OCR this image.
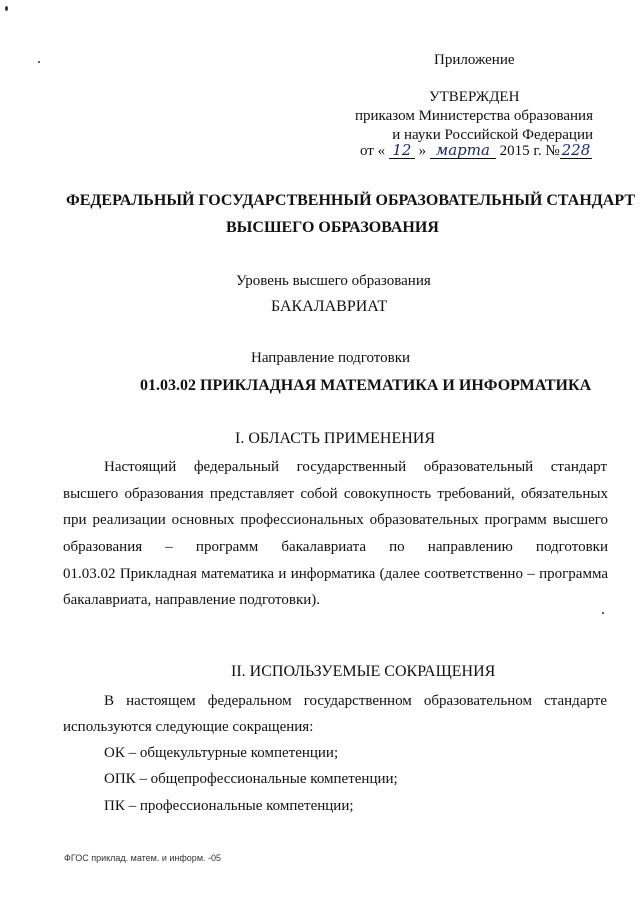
Приложение
УТВЕРЖДЕН
приказом Министерства образования
и науки Российской Федерации
от « 12 » марта 2015 г. № 228
ФЕДЕРАЛЬНЫЙ ГОСУДАРСТВЕННЫЙ ОБРАЗОВАТЕЛЬНЫЙ СТАНДАРТ
ВЫСШЕГО ОБРАЗОВАНИЯ
Уровень высшего образования
БАКАЛАВРИАТ
Направление подготовки
01.03.02 ПРИКЛАДНАЯ МАТЕМАТИКА И ИНФОРМАТИКА
I. ОБЛАСТЬ ПРИМЕНЕНИЯ
Настоящий федеральный государственный образовательный стандарт
высшего образования представляет собой совокупность требований, обязательных
при реализации основных профессиональных образовательных программ высшего
образования – программ бакалавриата по направлению подготовки
01.03.02 Прикладная математика и информатика (далее соответственно – программа
бакалавриата, направление подготовки).
II. ИСПОЛЬЗУЕМЫЕ СОКРАЩЕНИЯ
В настоящем федеральном государственном образовательном стандарте
используются следующие сокращения:
ОК – общекультурные компетенции;
ОПК – общепрофессиональные компетенции;
ПК – профессиональные компетенции;
ФГОС приклад. матем. и информ. -05
